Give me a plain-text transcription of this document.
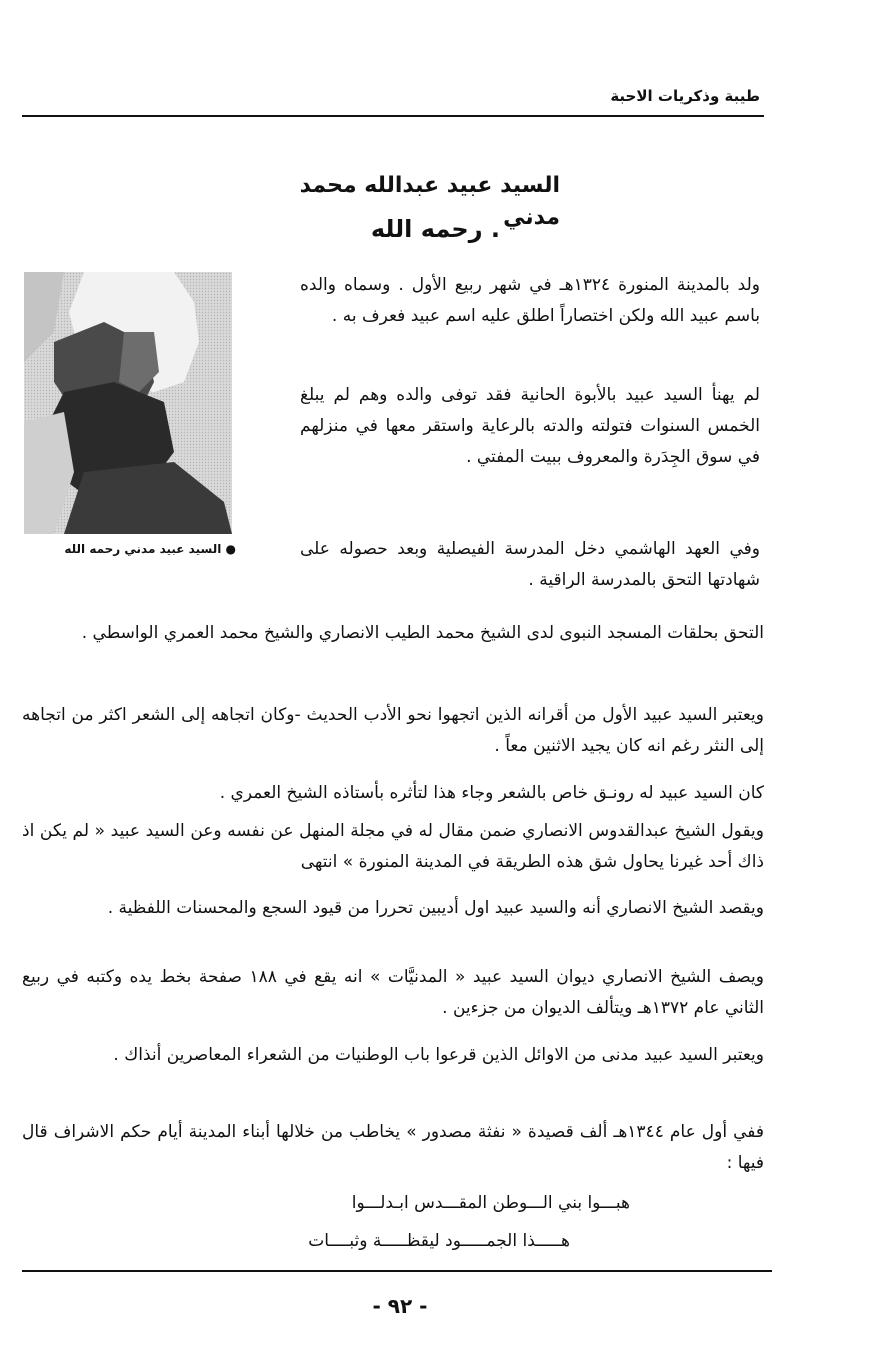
طيبة وذكريات الاحبة
السيد عبيد عبدالله محمد مدني
. رحمه الله
● السيد عبيد مدني رحمه الله

ولد بالمدينة المنورة ١٣٢٤هـ في شهر ربيع الأول . وسماه والده باسم عبيد الله ولكن اختصاراً اطلق عليه اسم عبيد فعرف به .

لم يهنأ السيد عبيد بالأبوة الحانية فقد توفى والده وهم لم يبلغ الخمس السنوات فتولته والدته بالرعاية واستقر معها في منزلهم في سوق الجِدَرة والمعروف ببيت المفتي .

وفي العهد الهاشمي دخل المدرسة الفيصلية وبعد حصوله على شهادتها التحق بالمدرسة الراقية .

التحق بحلقات المسجد النبوى لدى الشيخ محمد الطيب الانصاري والشيخ محمد العمري الواسطي .

ويعتبر السيد عبيد الأول من أقرانه الذين اتجهوا نحو الأدب الحديث -وكان اتجاهه إلى الشعر اكثر من اتجاهه إلى النثر رغم انه كان يجيد الاثنين معاً .

كان السيد عبيد له رونـق خاص بالشعر وجاء هذا لتأثره بأستاذه الشيخ العمري .

ويقول الشيخ عبدالقدوس الانصاري ضمن مقال له في مجلة المنهل عن نفسه وعن السيد عبيد « لم يكن اذ ذاك أحد غيرنا يحاول شق هذه الطريقة في المدينة المنورة » انتهى

ويقصد الشيخ الانصاري أنه والسيد عبيد اول أديبين تحررا من قيود السجع والمحسنات اللفظية .

ويصف الشيخ الانصاري ديوان السيد عبيد « المدنيَّات » انه يقع في ١٨٨ صفحة بخط يده وكتبه في ربيع الثاني عام ١٣٧٢هـ ويتألف الديوان من جزءين .

ويعتبر السيد عبيد مدنى من الاوائل الذين قرعوا باب الوطنيات من الشعراء المعاصرين أنذاك .

ففي أول عام ١٣٤٤هـ ألف قصيدة « نفثة مصدور » يخاطب من خلالها أبناء المدينة أيام حكم الاشراف قال فيها :

هبـــوا بني الـــوطن المقـــدس ابـدلـــوا
هـــــذا الجمـــــود ليقظـــــة وثبــــات
- ٩٢ -
